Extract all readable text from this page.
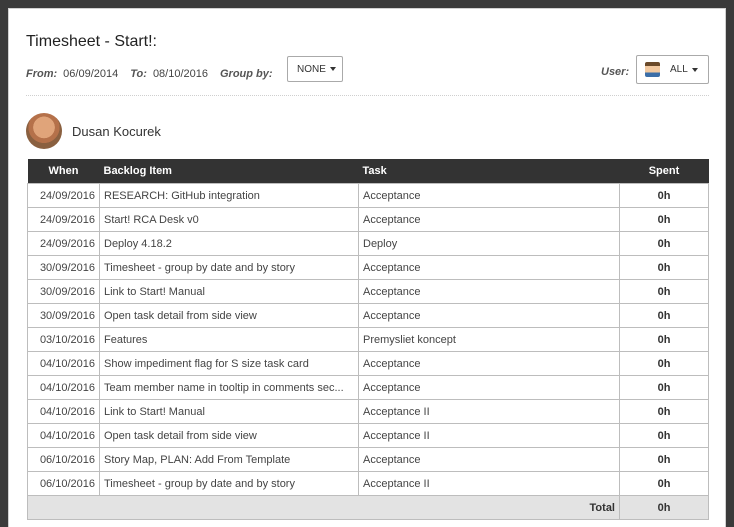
Timesheet - Start!:
From: 06/09/2014 To: 08/10/2016 Group by: NONE	User:	ALL
Dusan Kocurek
When	Backlog Item	Task	Spent
24/09/2016	RESEARCH: GitHub integration	Acceptance	0h
24/09/2016	Start! RCA Desk v0	Acceptance	0h
24/09/2016	Deploy 4.18.2	Deploy	0h
30/09/2016	Timesheet - group by date and by story	Acceptance	0h
30/09/2016	Link to Start! Manual	Acceptance	0h
30/09/2016	Open task detail from side view	Acceptance	0h
03/10/2016	Features	Premysliet koncept	0h
04/10/2016	Show impediment flag for S size task card	Acceptance	0h
04/10/2016	Team member name in tooltip in comments sec...	Acceptance	0h
04/10/2016	Link to Start! Manual	Acceptance II	0h
04/10/2016	Open task detail from side view	Acceptance II	0h
06/10/2016	Story Map, PLAN: Add From Template	Acceptance	0h
06/10/2016	Timesheet - group by date and by story	Acceptance II	0h
Total			0h
